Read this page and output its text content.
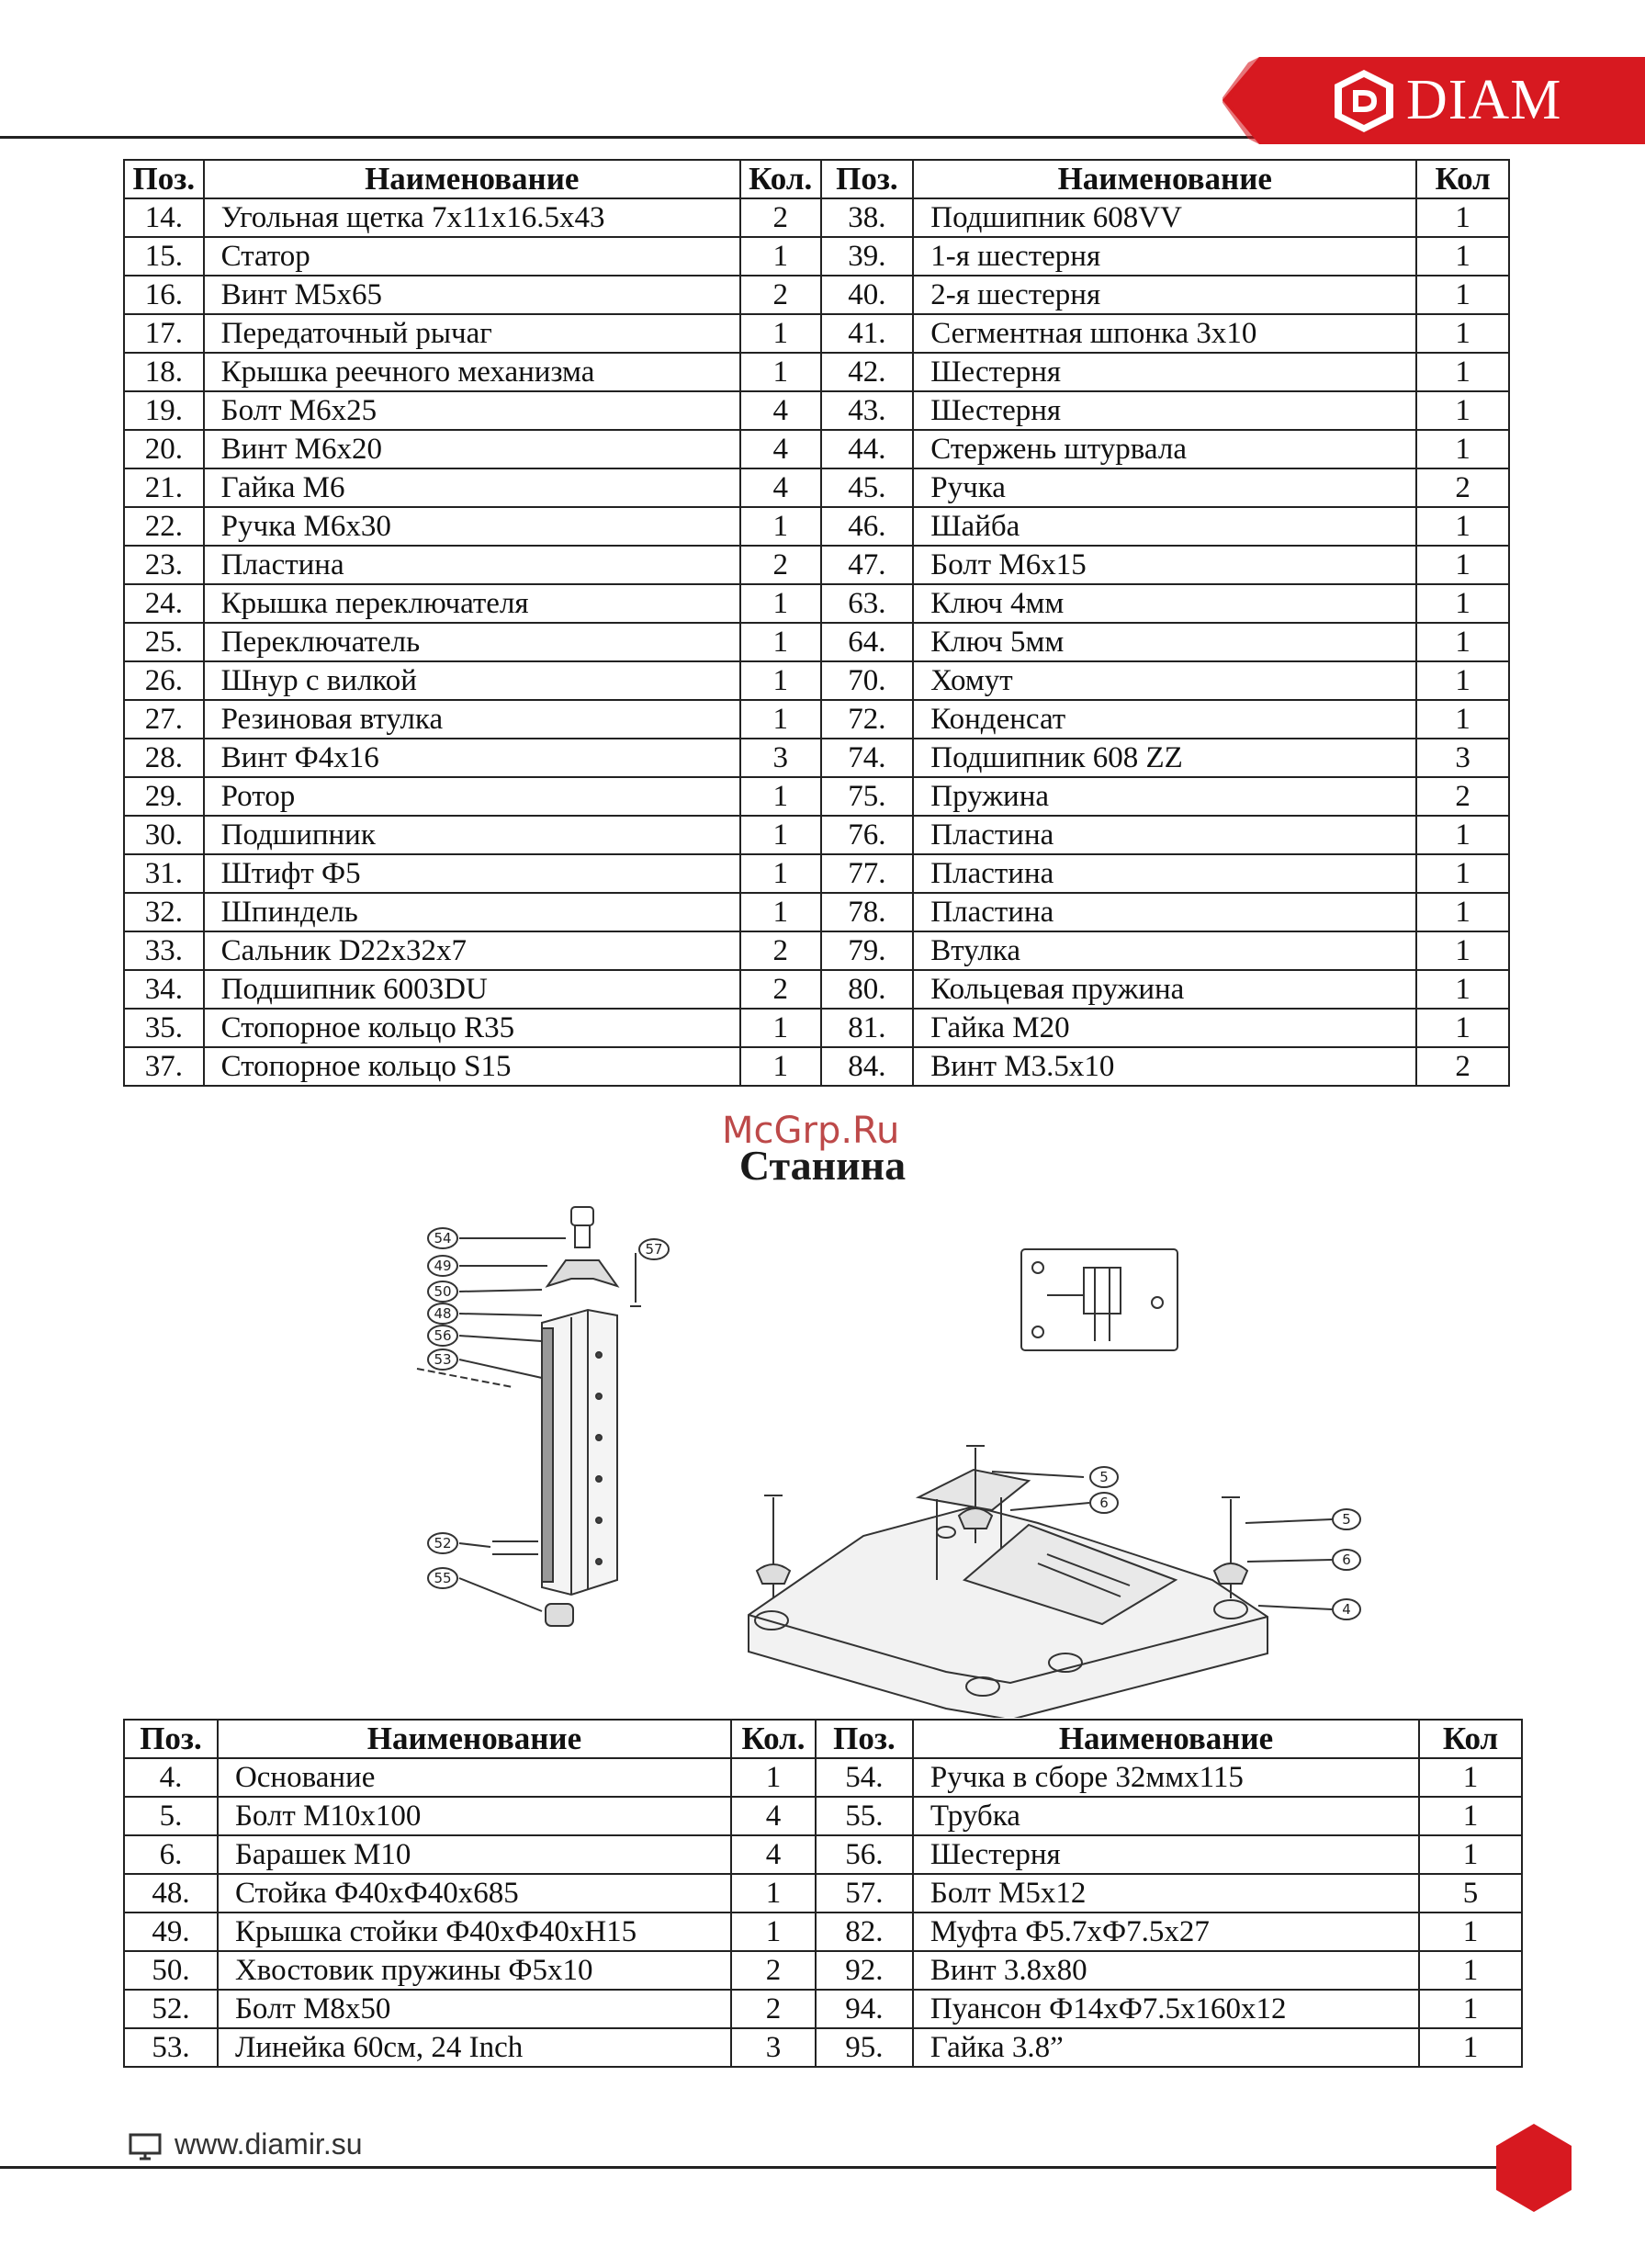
DIAM
Поз.	Наименование	Кол.	Поз.	Наименование	Кол
14.	Угольная щетка 7x11x16.5x43	2	38.	Подшипник 608VV	1
15.	Статор	1	39.	1-я шестерня	1
16.	Винт М5х65	2	40.	2-я шестерня	1
17.	Передаточный рычаг	1	41.	Сегментная шпонка 3х10	1
18.	Крышка реечного механизма	1	42.	Шестерня	1
19.	Болт М6х25	4	43.	Шестерня	1
20.	Винт М6х20	4	44.	Стержень штурвала	1
21.	Гайка М6	4	45.	Ручка	2
22.	Ручка М6х30	1	46.	Шайба	1
23.	Пластина	2	47.	Болт М6х15	1
24.	Крышка переключателя	1	63.	Ключ 4мм	1
25.	Переключатель	1	64.	Ключ 5мм	1
26.	Шнур с вилкой	1	70.	Хомут	1
27.	Резиновая втулка	1	72.	Конденсат	1
28.	Винт Ф4х16	3	74.	Подшипник 608 ZZ	3
29.	Ротор	1	75.	Пружина	2
30.	Подшипник	1	76.	Пластина	1
31.	Штифт Ф5	1	77.	Пластина	1
32.	Шпиндель	1	78.	Пластина	1
33.	Сальник D22x32x7	2	79.	Втулка	1
34.	Подшипник 6003DU	2	80.	Кольцевая пружина	1
35.	Стопорное кольцо R35	1	81.	Гайка М20	1
37.	Стопорное кольцо S15	1	84.	Винт М3.5х10	2
McGrp.Ru
Станина
54
49
50
48
56
53
52
55
57
5
6
5
6
4
Поз.	Наименование	Кол.	Поз.	Наименование	Кол
4.	Основание	1	54.	Ручка в сборе 32ммх115	1
5.	Болт М10х100	4	55.	Трубка	1
6.	Барашек М10	4	56.	Шестерня	1
48.	Стойка Ф40хФ40х685	1	57.	Болт М5х12	5
49.	Крышка стойки Ф40хФ40хН15	1	82.	Муфта Ф5.7хФ7.5х27	1
50.	Хвостовик пружины Ф5х10	2	92.	Винт 3.8х80	1
52.	Болт М8х50	2	94.	Пуансон Ф14хФ7.5х160х12	1
53.	Линейка 60см, 24 Inch	3	95.	Гайка 3.8”	1
www.diamir.su
